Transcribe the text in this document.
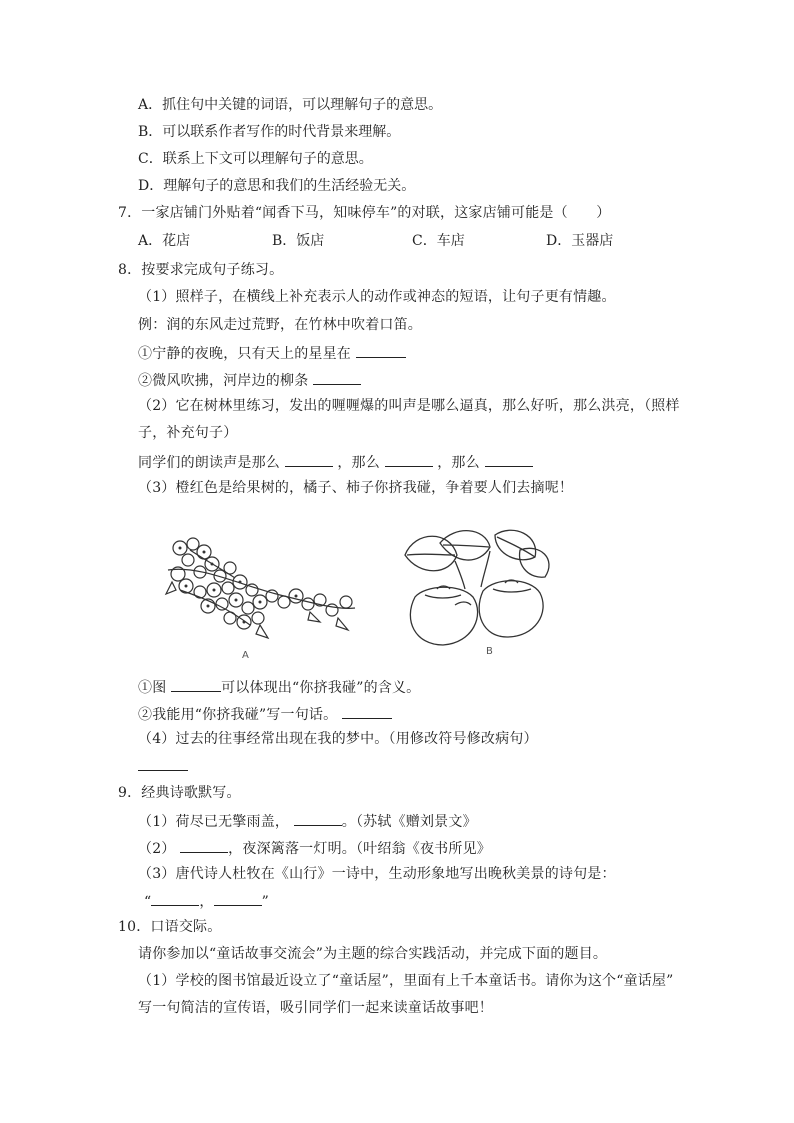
A．抓住句中关键的词语，可以理解句子的意思。
B．可以联系作者写作的时代背景来理解。
C．联系上下文可以理解句子的意思。
D．理解句子的意思和我们的生活经验无关。
7．一家店铺门外贴着“闻香下马，知味停车”的对联，这家店铺可能是（　　）
A．花店	B．饭店	C．车店	D．玉器店
8．按要求完成句子练习。
（1）照样子，在横线上补充表示人的动作或神态的短语，让句子更有情趣。
例：润的东风走过荒野，在竹林中吹着口笛。
①宁静的夜晚，只有天上的星星在
②微风吹拂，河岸边的柳条
（2）它在树林里练习，发出的喱喱爆的叫声是哪么逼真，那么好听，那么洪亮，（照样
子，补充句子）
同学们的朗读声是那么	，那么	，那么
（3）橙红色是给果树的，橘子、柿子你挤我碰，争着要人们去摘呢！
A	B
①图	可以体现出“你挤我碰”的含义。
②我能用“你挤我碰”写一句话。
（4）过去的往事经常出现在我的梦中。（用修改符号修改病句）
9．经典诗歌默写。
（1）荷尽已无擎雨盖，	。（苏轼《赠刘景文》
（2）	，夜深篱落一灯明。（叶绍翁《夜书所见》
（3）唐代诗人杜牧在《山行》一诗中，生动形象地写出晚秋美景的诗句是：
“	，	”
10．口语交际。
请你参加以“童话故事交流会”为主题的综合实践活动，并完成下面的题目。
（1）学校的图书馆最近设立了“童话屋”，里面有上千本童话书。请你为这个“童话屋”
写一句简洁的宣传语，吸引同学们一起来读童话故事吧！
